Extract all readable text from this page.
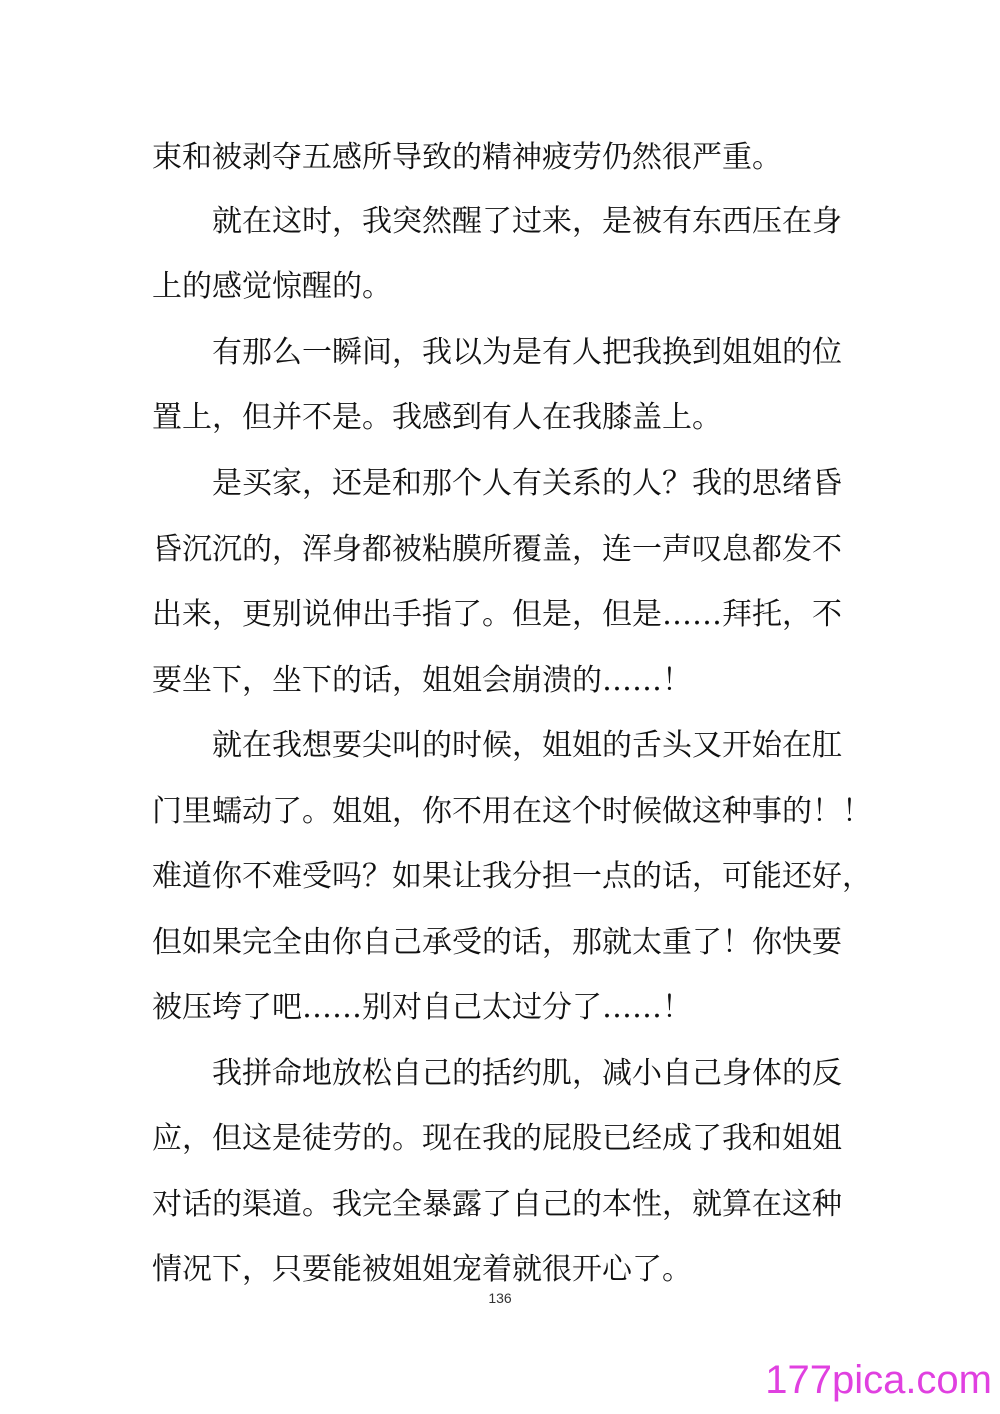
束和被剥夺五感所导致的精神疲劳仍然很严重。
就在这时，我突然醒了过来，是被有东西压在身
上的感觉惊醒的。
有那么一瞬间，我以为是有人把我换到姐姐的位
置上，但并不是。我感到有人在我膝盖上。
是买家，还是和那个人有关系的人？我的思绪昏
昏沉沉的，浑身都被粘膜所覆盖，连一声叹息都发不
出来，更别说伸出手指了。但是，但是……拜托，不
要坐下，坐下的话，姐姐会崩溃的……！
就在我想要尖叫的时候，姐姐的舌头又开始在肛
门里蠕动了。姐姐，你不用在这个时候做这种事的！！
难道你不难受吗？如果让我分担一点的话，可能还好，
但如果完全由你自己承受的话，那就太重了！你快要
被压垮了吧……别对自己太过分了……！
我拼命地放松自己的括约肌，减小自己身体的反
应，但这是徒劳的。现在我的屁股已经成了我和姐姐
对话的渠道。我完全暴露了自己的本性，就算在这种
情况下，只要能被姐姐宠着就很开心了。
136
177pica.com
